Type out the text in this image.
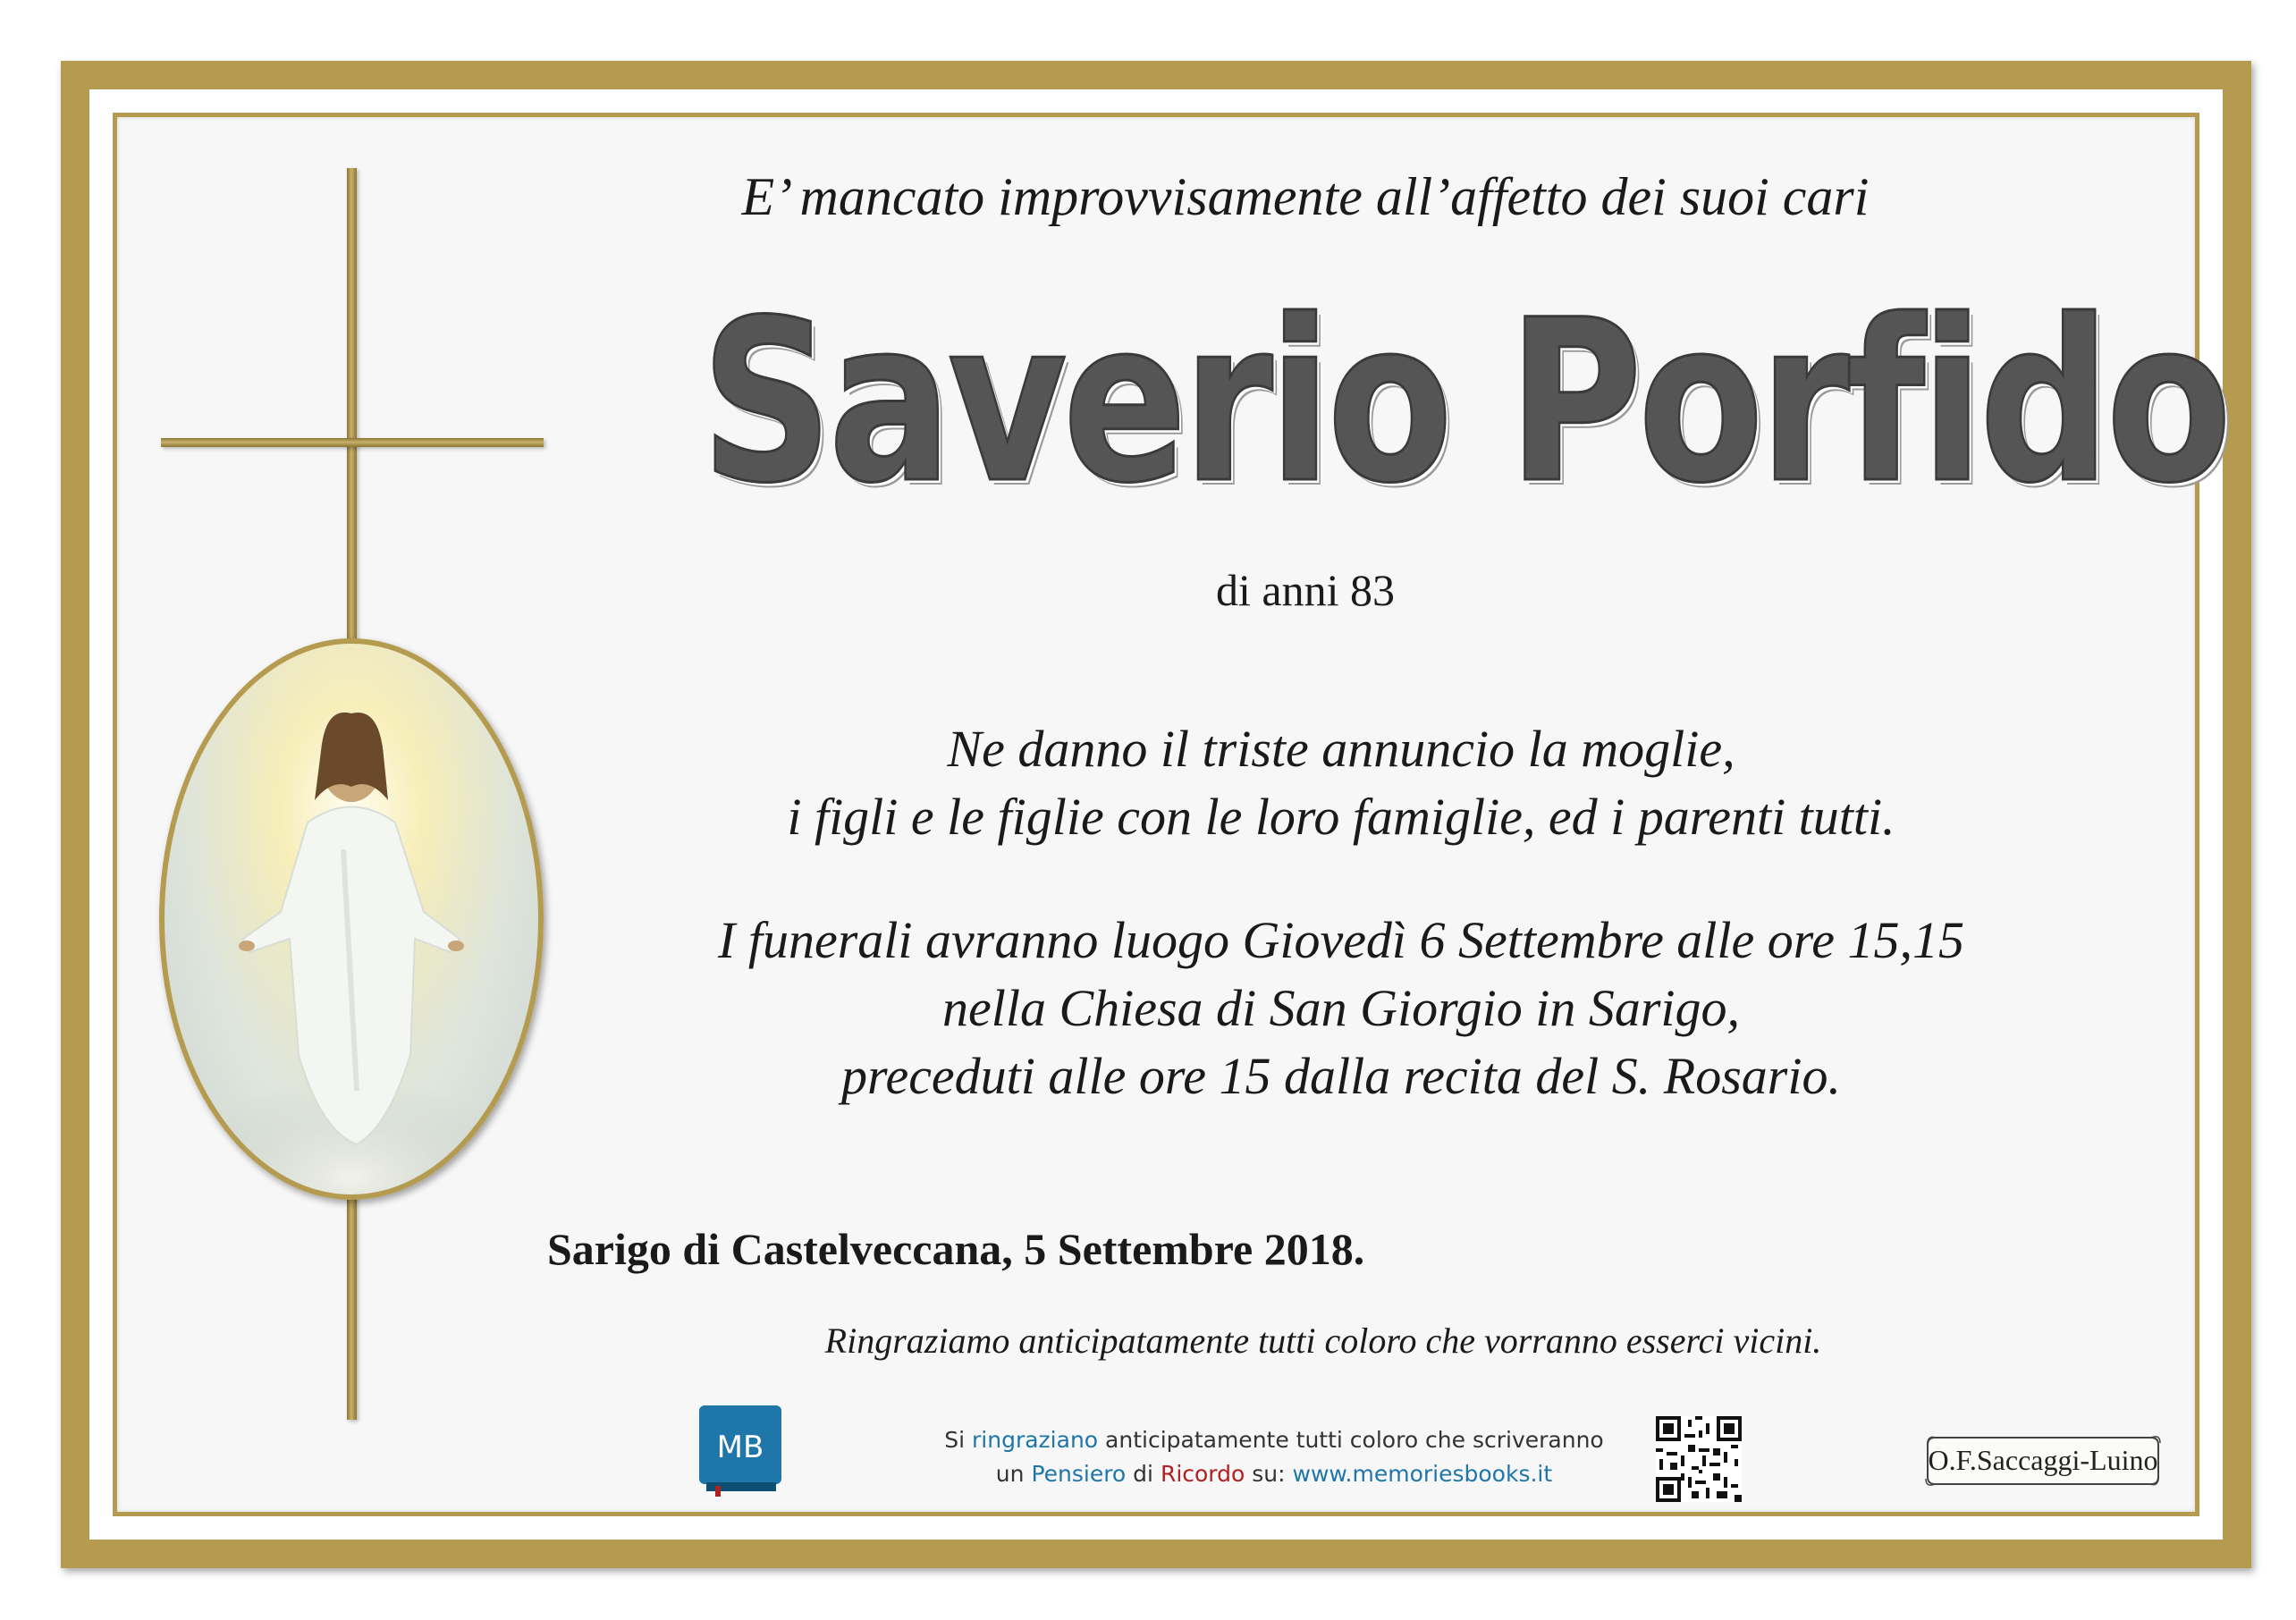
E’ mancato improvvisamente all’affetto dei suoi cari
Saverio Porfido
di anni 83
Ne danno il triste annuncio la moglie,
i figli e le figlie con le loro famiglie, ed i parenti tutti.
I funerali avranno luogo Giovedì 6 Settembre alle ore 15,15
nella Chiesa di San Giorgio in Sarigo,
preceduti alle ore 15 dalla recita del S. Rosario.
Sarigo di Castelveccana, 5 Settembre 2018.
Ringraziamo anticipatamente tutti coloro che vorranno esserci vicini.
MB	Si ringraziano anticipatamente tutti coloro che scriveranno
un Pensiero di Ricordo su: www.memoriesbooks.it	O.F.Saccaggi-Luino
